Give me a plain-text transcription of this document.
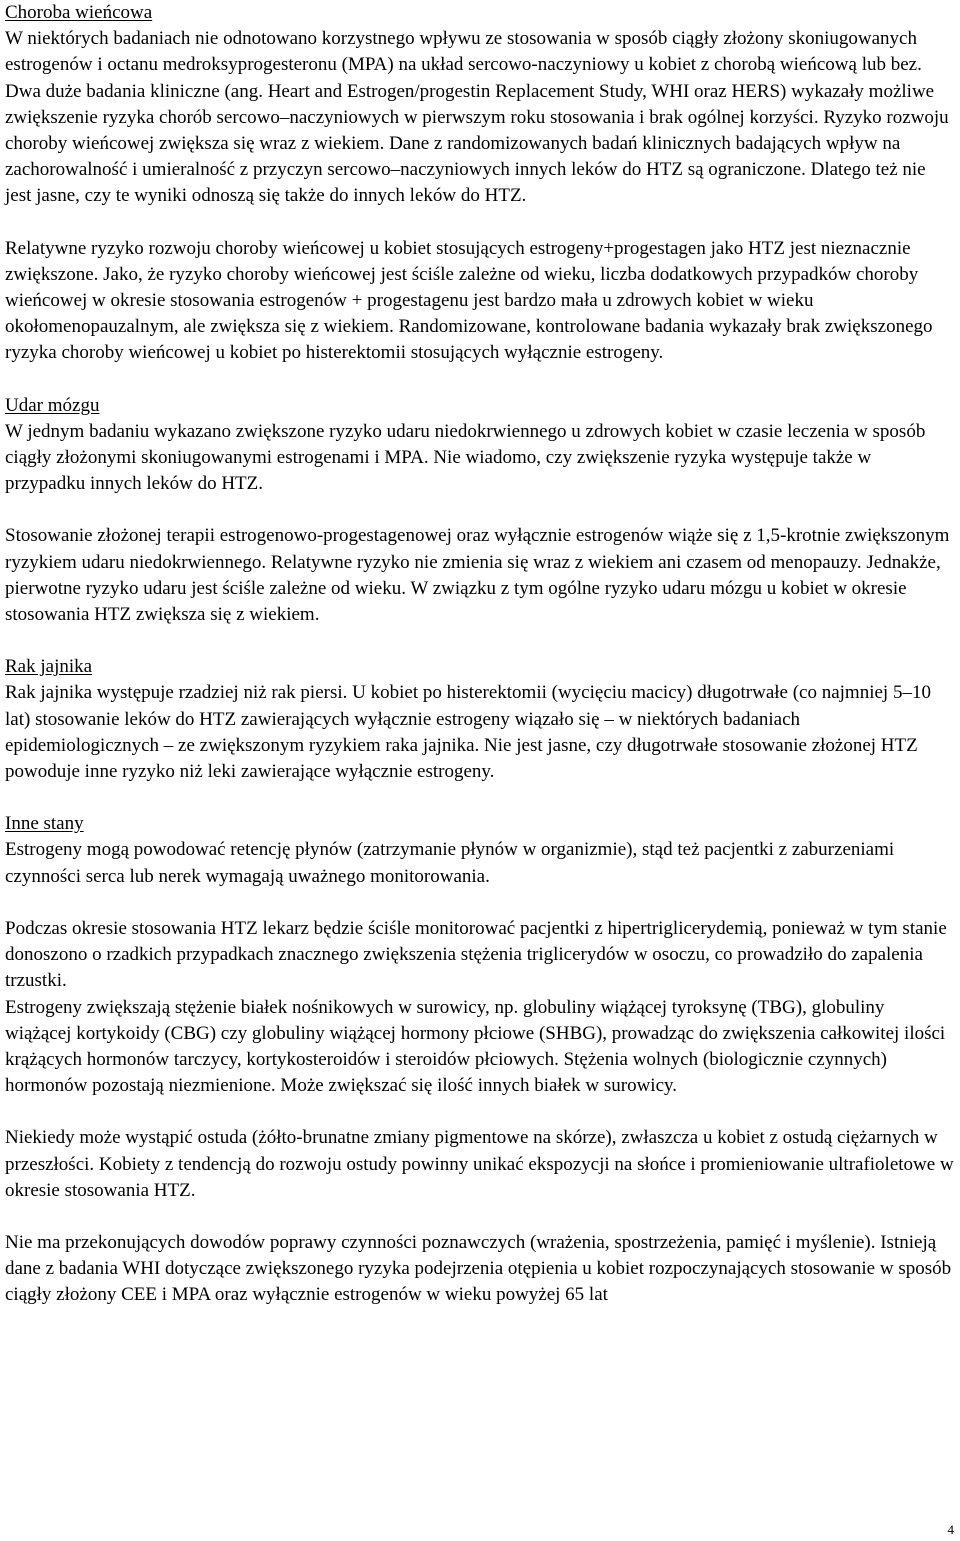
Choroba wieńcowa

W niektórych badaniach nie odnotowano korzystnego wpływu ze stosowania w sposób ciągły złożony skoniugowanych estrogenów i octanu medroksyprogesteronu (MPA) na układ sercowo-naczyniowy u kobiet z chorobą wieńcową lub bez. Dwa duże badania kliniczne (ang. Heart and Estrogen/progestin Replacement Study, WHI oraz HERS) wykazały możliwe zwiększenie ryzyka chorób sercowo–naczyniowych w pierwszym roku stosowania i brak ogólnej korzyści. Ryzyko rozwoju choroby wieńcowej zwiększa się wraz z wiekiem. Dane z randomizowanych badań klinicznych badających wpływ na zachorowalność i umieralność z przyczyn sercowo–naczyniowych innych leków do HTZ są ograniczone. Dlatego też nie jest jasne, czy te wyniki odnoszą się także do innych leków do HTZ.

Relatywne ryzyko rozwoju choroby wieńcowej u kobiet stosujących estrogeny+progestagen jako HTZ jest nieznacznie zwiększone. Jako, że ryzyko choroby wieńcowej jest ściśle zależne od wieku, liczba dodatkowych przypadków choroby wieńcowej w okresie stosowania estrogenów + progestagenu jest bardzo mała u zdrowych kobiet w wieku okołomenopauzalnym, ale zwiększa się z wiekiem. Randomizowane, kontrolowane badania wykazały brak zwiększonego ryzyka choroby wieńcowej u kobiet po histerektomii stosujących wyłącznie estrogeny.

Udar mózgu

W jednym badaniu wykazano zwiększone ryzyko udaru niedokrwiennego u zdrowych kobiet w czasie leczenia w sposób ciągły złożonymi skoniugowanymi estrogenami i MPA. Nie wiadomo, czy zwiększenie ryzyka występuje także w przypadku innych leków do HTZ.

Stosowanie złożonej terapii estrogenowo-progestagenowej oraz wyłącznie estrogenów wiąże się z 1,5-krotnie zwiększonym ryzykiem udaru niedokrwiennego. Relatywne ryzyko nie zmienia się wraz z wiekiem ani czasem od menopauzy. Jednakże, pierwotne ryzyko udaru jest ściśle zależne od wieku. W związku z tym ogólne ryzyko udaru mózgu u kobiet w okresie stosowania HTZ zwiększa się z wiekiem.

Rak jajnika

Rak jajnika występuje rzadziej niż rak piersi. U kobiet po histerektomii (wycięciu macicy) długotrwałe (co najmniej 5–10 lat) stosowanie leków do HTZ zawierających wyłącznie estrogeny wiązało się – w niektórych badaniach epidemiologicznych – ze zwiększonym ryzykiem raka jajnika. Nie jest jasne, czy długotrwałe stosowanie złożonej HTZ powoduje inne ryzyko niż leki zawierające wyłącznie estrogeny.

Inne stany

Estrogeny mogą powodować retencję płynów (zatrzymanie płynów w organizmie), stąd też pacjentki z zaburzeniami czynności serca lub nerek wymagają uważnego monitorowania.

Podczas okresie stosowania HTZ lekarz będzie ściśle monitorować pacjentki z hipertriglicerydemią, ponieważ w tym stanie donoszono o rzadkich przypadkach znacznego zwiększenia stężenia triglicerydów w osoczu, co prowadziło do zapalenia trzustki.

Estrogeny zwiększają stężenie białek nośnikowych w surowicy, np. globuliny wiążącej tyroksynę (TBG), globuliny wiążącej kortykoidy (CBG) czy globuliny wiążącej hormony płciowe (SHBG), prowadząc do zwiększenia całkowitej ilości krążących hormonów tarczycy, kortykosteroidów i steroidów płciowych. Stężenia wolnych (biologicznie czynnych) hormonów pozostają niezmienione. Może zwiększać się ilość innych białek w surowicy.

Niekiedy może wystąpić ostuda (żółto-brunatne zmiany pigmentowe na skórze), zwłaszcza u kobiet z ostudą ciężarnych w przeszłości. Kobiety z tendencją do rozwoju ostudy powinny unikać ekspozycji na słońce i promieniowanie ultrafioletowe w okresie stosowania HTZ.

Nie ma przekonujących dowodów poprawy czynności poznawczych (wrażenia, spostrzeżenia, pamięć i myślenie). Istnieją dane z badania WHI dotyczące zwiększonego ryzyka podejrzenia otępienia u kobiet rozpoczynających stosowanie w sposób ciągły złożony CEE i MPA oraz wyłącznie estrogenów w wieku powyżej 65 lat

4
